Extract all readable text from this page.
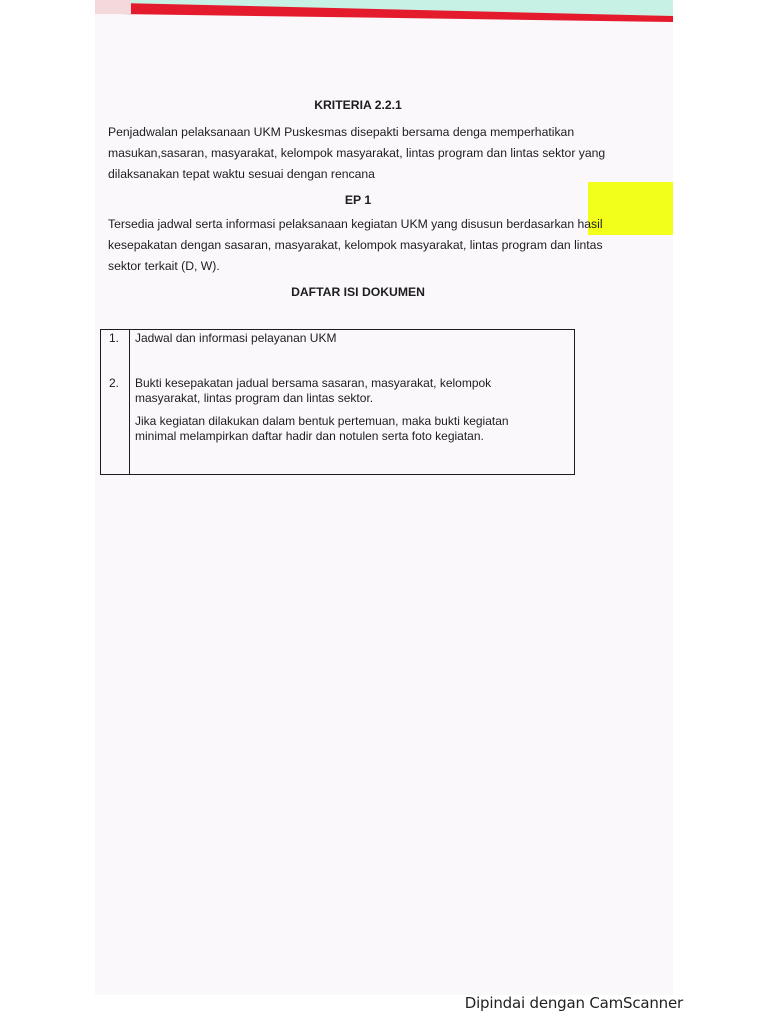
KRITERIA 2.2.1

Penjadwalan pelaksanaan UKM Puskesmas disepakti bersama denga memperhatikan masukan,sasaran, masyarakat, kelompok masyarakat, lintas program dan lintas sektor yang dilaksanakan tepat waktu sesuai dengan rencana

EP 1

Tersedia jadwal serta informasi pelaksanaan kegiatan UKM yang disusun berdasarkan hasil kesepakatan dengan sasaran, masyarakat, kelompok masyarakat, lintas program dan lintas sektor terkait (D, W).

DAFTAR ISI DOKUMEN

1.
2.
Jadwal dan informasi pelayanan UKM
Bukti kesepakatan jadual bersama sasaran, masyarakat, kelompok masyarakat, lintas program dan lintas sektor.
Jika kegiatan dilakukan dalam bentuk pertemuan, maka bukti kegiatan minimal melampirkan daftar hadir dan notulen serta foto kegiatan.
Dipindai dengan CamScanner
